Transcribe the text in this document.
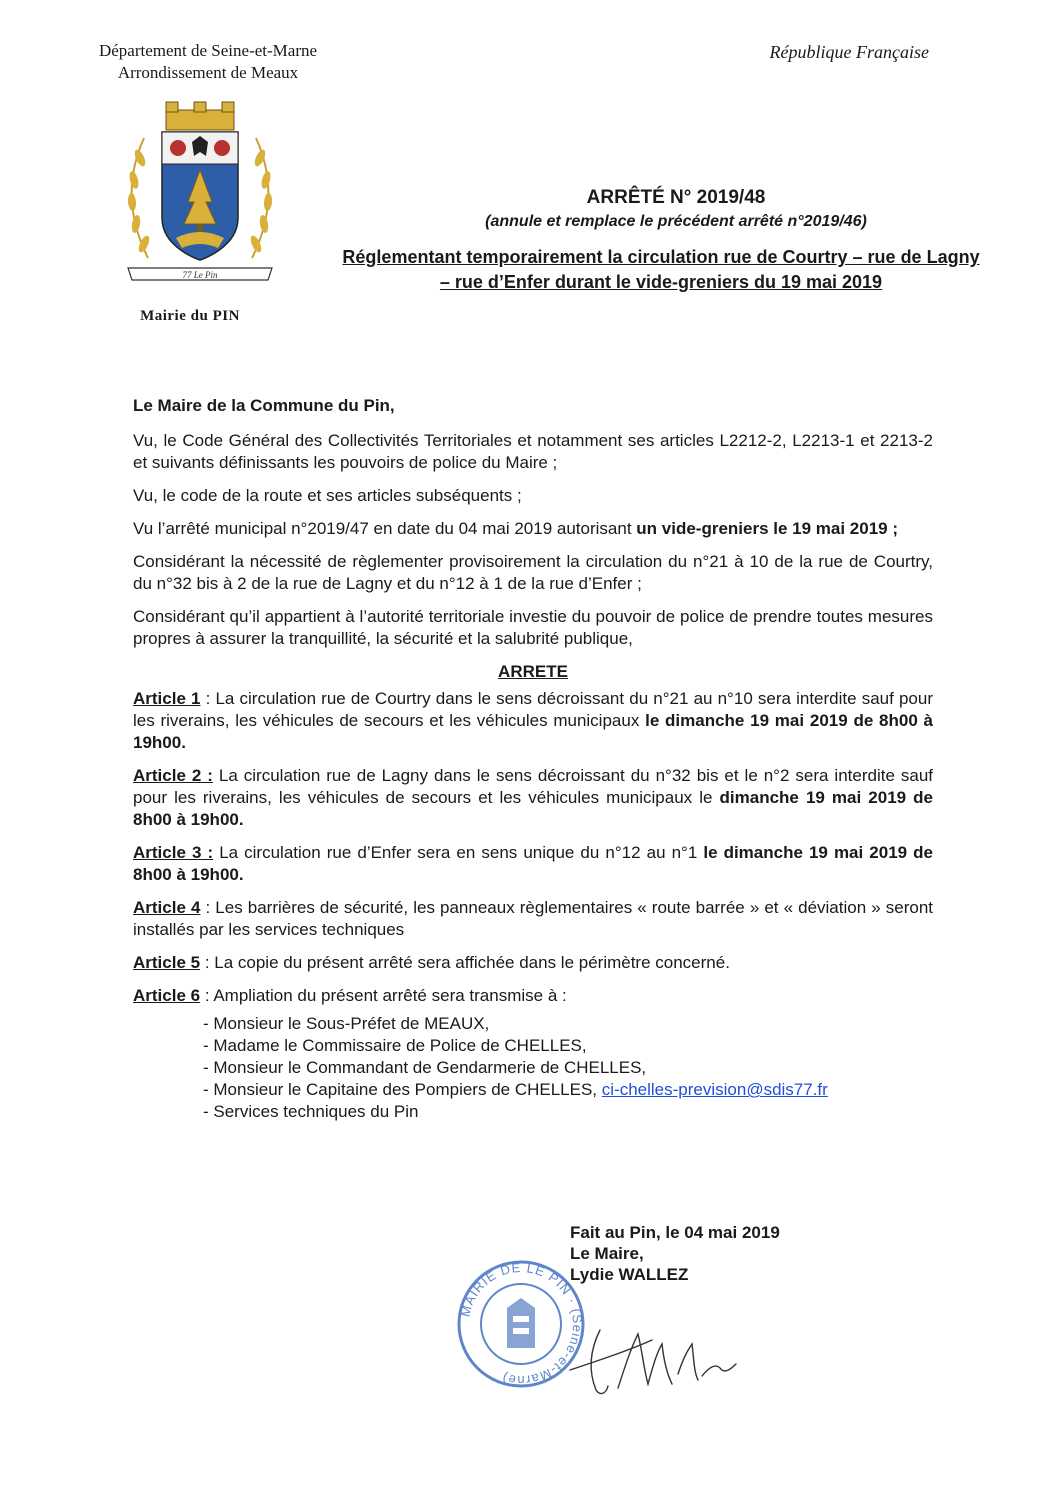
Département de Seine-et-Marne
Arrondissement de Meaux
République Française
77 Le Pin
Mairie du PIN
ARRÊTÉ N° 2019/48
(annule et remplace le précédent arrêté n°2019/46)
Réglementant temporairement la circulation rue de Courtry – rue de Lagny – rue d’Enfer durant le vide-greniers du 19 mai 2019

Le Maire de la Commune du Pin,

Vu, le Code Général des Collectivités Territoriales et notamment ses articles L2212-2, L2213-1 et 2213-2 et suivants définissants les pouvoirs de police du Maire ;

Vu, le code de la route et ses articles subséquents ;

Vu l’arrêté municipal n°2019/47 en date du 04 mai 2019 autorisant un vide-greniers le 19 mai 2019 ;

Considérant la nécessité de règlementer provisoirement la circulation du n°21 à 10 de la rue de Courtry, du n°32 bis à 2 de la rue de Lagny et du n°12 à 1 de la rue d’Enfer ;

Considérant qu’il appartient à l’autorité territoriale investie du pouvoir de police de prendre toutes mesures propres à assurer la tranquillité, la sécurité et la salubrité publique,

ARRETE

Article 1 : La circulation rue de Courtry dans le sens décroissant du n°21 au n°10 sera interdite sauf pour les riverains, les véhicules de secours et les véhicules municipaux le dimanche 19 mai 2019 de 8h00 à 19h00.

Article 2 : La circulation rue de Lagny dans le sens décroissant du n°32 bis et le n°2 sera interdite sauf pour les riverains, les véhicules de secours et les véhicules municipaux le dimanche 19 mai 2019 de 8h00 à 19h00.

Article 3 : La circulation rue d’Enfer sera en sens unique du n°12 au n°1 le dimanche 19 mai 2019 de 8h00 à 19h00.

Article 4 : Les barrières de sécurité, les panneaux règlementaires « route barrée » et « déviation » seront installés par les services techniques

Article 5 : La copie du présent arrêté sera affichée dans le périmètre concerné.

Article 6 : Ampliation du présent arrêté sera transmise à :

- Monsieur le Sous-Préfet de MEAUX,
- Madame le Commissaire de Police de CHELLES,
- Monsieur le Commandant de Gendarmerie de CHELLES,
- Monsieur le Capitaine des Pompiers de CHELLES, ci-chelles-prevision@sdis77.fr
- Services techniques du Pin
Fait au Pin, le 04 mai 2019
Le Maire,
Lydie WALLEZ
MAIRIE DE LE PIN · (Seine-et-Marne)
